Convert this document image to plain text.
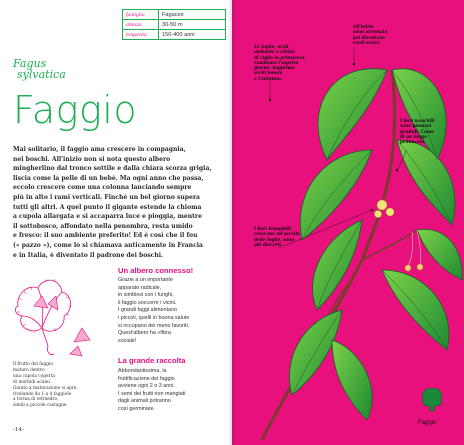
famiglia	Fagacee
altezza	30-50 m
longevità	150-400 anni
Fagus
sylvatica
Faggio
Mai solitario, il faggio ama crescere in compagnia,
nei boschi. All'inizio non si nota questo albero
mingherlino dal tronco sottile e dalla chiara scorza grigia,
liscia come la pelle di un bebè. Ma ogni anno che passa,
eccolo crescere come una colonna lanciando sempre
più in alto i rami verticali. Finché un bel giorno supera
tutti gli altri. A quel punto il gigante estende la chioma
a cupola allargata e si accaparra luce e pioggia, mentre
il sottobosco, affondato nella penombra, resta umido
e fresco: il suo ambiente preferito! Ed è così che il fou
(« pazzo »), come lo si chiamava anticamente in Francia
e in Italia, è diventato il padrone dei boschi.
Il frutto del faggio
maturo dentro
una cupola coperta
di morbidi aculei.
Giunto a maturazione si apre,
rivelando da 1 a 4 faggiole
a forma di tetraedro,
simili a piccole castagne.
Un albero connesso!
Grazie a un importante
apparato radicale,
in simbiosi con i funghi,
il faggio soccorre i vicini.
I grandi faggi alimentano
i piccoli, quelli in buona salute
si occupano dei meno favoriti.
Quest'albero ha «fibra
sociale!
La grande raccolta
Abbondantissima, la
fruttificazione del faggio
avviene ogni 2 o 3 anni.
I semi dei frutti non mangiati
dagli animali potranno
così germinare.
-14-
Le foglie, ovali,
ondulate e ciliate
di ciglia in primavera,
cambiano l'aspetto
giorno: dapprima
verdi tenere
e l'autunno.
All'inizio
sono arrossate,
poi diventano
verdi scure.
I fiori maschili
sono piumosi
penduli. Come
di un lungo
peduncolo.
I fiori femminili
crescono all'ascella
delle foglie, sono
più discreti.
Faggio
